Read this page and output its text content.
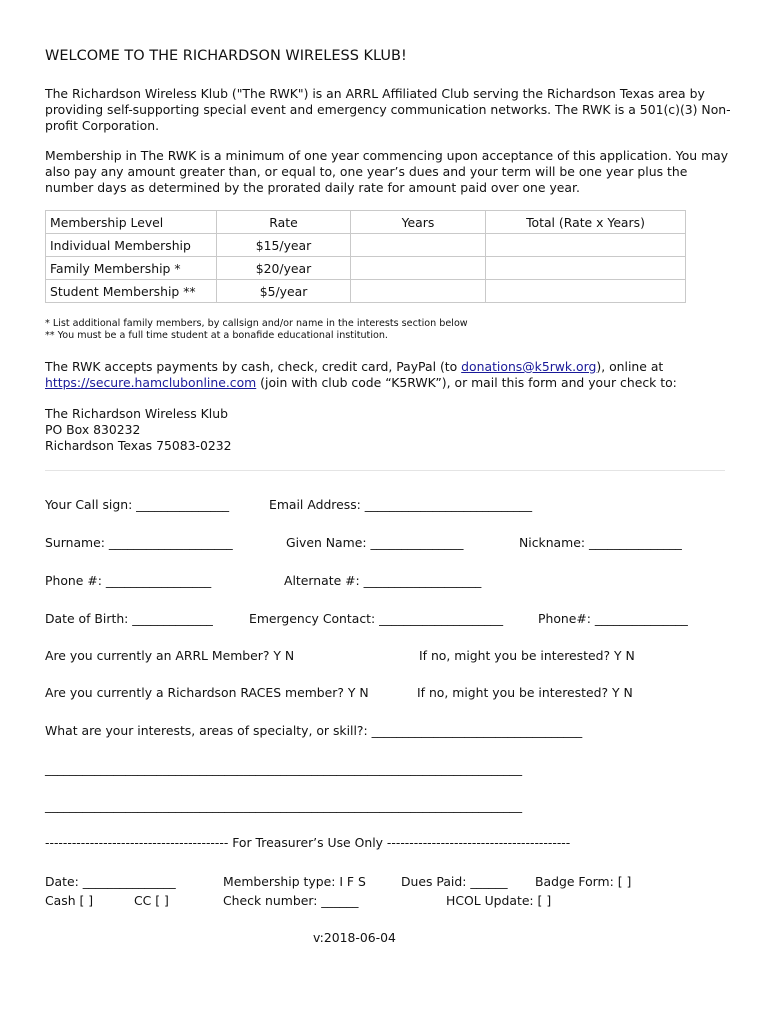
WELCOME TO THE RICHARDSON WIRELESS KLUB!
The Richardson Wireless Klub ("The RWK") is an ARRL Affiliated Club serving the Richardson Texas area by providing self-supporting special event and emergency communication networks. The RWK is a 501(c)(3) Non-profit Corporation.
Membership in The RWK is a minimum of one year commencing upon acceptance of this application. You may also pay any amount greater than, or equal to, one year’s dues and your term will be one year plus the number days as determined by the prorated daily rate for amount paid over one year.
Membership Level	Rate	Years	Total (Rate x Years)
Individual Membership	$15/year		
Family Membership *	$20/year		
Student Membership **	$5/year		
* List additional family members, by callsign and/or name in the interests section below
** You must be a full time student at a bonafide educational institution.
The RWK accepts payments by cash, check, credit card, PayPal (to donations@k5rwk.org), online at
https://secure.hamclubonline.com (join with club code “K5RWK”), or mail this form and your check to:
The Richardson Wireless Klub
PO Box 830232
Richardson Texas 75083-0232
Your Call sign: _______________	Email Address: ___________________________
Surname: ____________________	Given Name: _______________	Nickname: _______________
Phone #: _________________	Alternate #: ___________________
Date of Birth: _____________	Emergency Contact: ____________________	Phone#: _______________
Are you currently an ARRL Member? Y N	If no, might you be interested? Y N
Are you currently a Richardson RACES member? Y N	If no, might you be interested? Y N
What are your interests, areas of specialty, or skill?: __________________________________
_____________________________________________________________________________
_____________________________________________________________________________
----------------------------------------- For Treasurer’s Use Only -----------------------------------------
Date: _______________	Membership type: I F S	Dues Paid: ______ Badge Form: [ ]
Cash [ ]	CC [ ]	Check number: ______	HCOL Update: [ ]
v:2018-06-04
